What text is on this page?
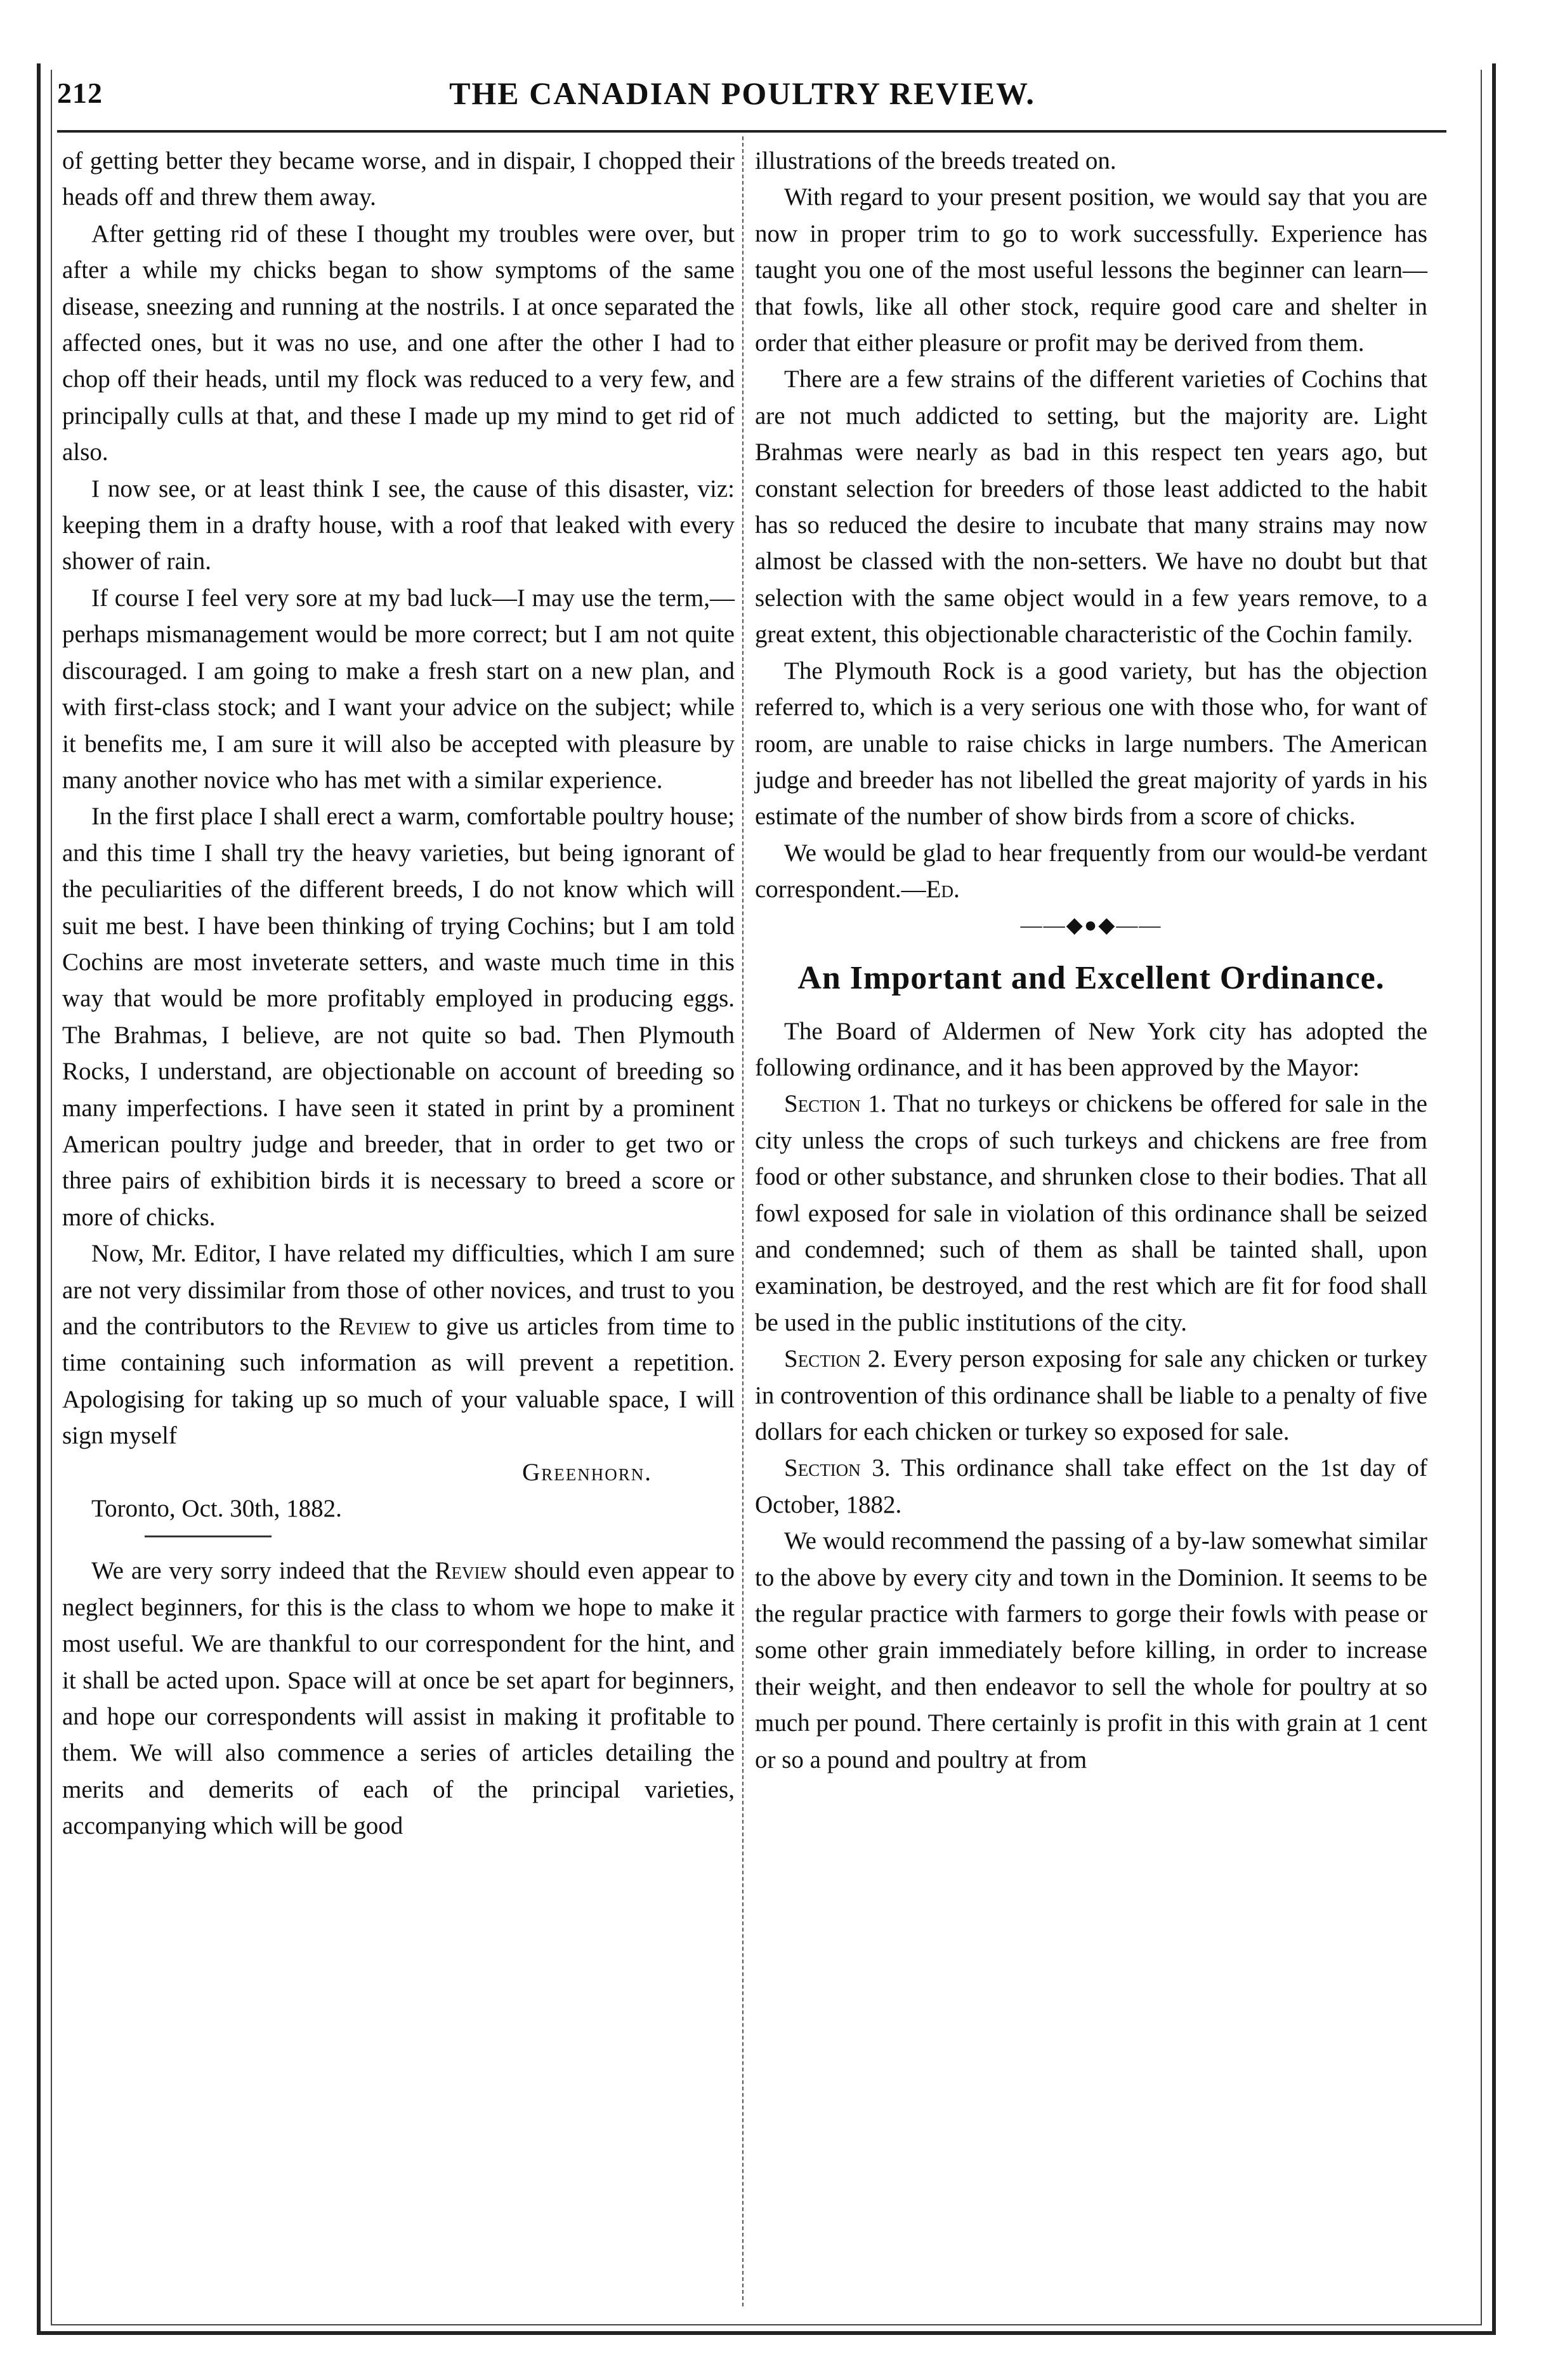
212	THE CANADIAN POULTRY REVIEW.

of getting better they became worse, and in dispair, I chopped their heads off and threw them away.

After getting rid of these I thought my troubles were over, but after a while my chicks began to show symptoms of the same disease, sneezing and running at the nostrils. I at once separated the affected ones, but it was no use, and one after the other I had to chop off their heads, until my flock was reduced to a very few, and principally culls at that, and these I made up my mind to get rid of also.

I now see, or at least think I see, the cause of this disaster, viz: keeping them in a drafty house, with a roof that leaked with every shower of rain.

If course I feel very sore at my bad luck—I may use the term,—perhaps mismanagement would be more correct; but I am not quite discouraged. I am going to make a fresh start on a new plan, and with first-class stock; and I want your advice on the subject; while it benefits me, I am sure it will also be accepted with pleasure by many another novice who has met with a similar experience.

In the first place I shall erect a warm, comfortable poultry house; and this time I shall try the heavy varieties, but being ignorant of the peculiarities of the different breeds, I do not know which will suit me best. I have been thinking of trying Cochins; but I am told Cochins are most inveterate setters, and waste much time in this way that would be more profitably employed in producing eggs. The Brahmas, I believe, are not quite so bad. Then Plymouth Rocks, I understand, are objectionable on account of breeding so many imperfections. I have seen it stated in print by a prominent American poultry judge and breeder, that in order to get two or three pairs of exhibition birds it is necessary to breed a score or more of chicks.

Now, Mr. Editor, I have related my difficulties, which I am sure are not very dissimilar from those of other novices, and trust to you and the contributors to the Review to give us articles from time to time containing such information as will prevent a repetition. Apologising for taking up so much of your valuable space, I will sign myself

Greenhorn.

Toronto, Oct. 30th, 1882.

We are very sorry indeed that the Review should even appear to neglect beginners, for this is the class to whom we hope to make it most useful. We are thankful to our correspondent for the hint, and it shall be acted upon. Space will at once be set apart for beginners, and hope our correspondents will assist in making it profitable to them. We will also commence a series of articles detailing the merits and demerits of each of the principal varieties, accompanying which will be good

illustrations of the breeds treated on.

With regard to your present position, we would say that you are now in proper trim to go to work successfully. Experience has taught you one of the most useful lessons the beginner can learn—that fowls, like all other stock, require good care and shelter in order that either pleasure or profit may be derived from them.

There are a few strains of the different varieties of Cochins that are not much addicted to setting, but the majority are. Light Brahmas were nearly as bad in this respect ten years ago, but constant selection for breeders of those least addicted to the habit has so reduced the desire to incubate that many strains may now almost be classed with the non-setters. We have no doubt but that selection with the same object would in a few years remove, to a great extent, this objectionable characteristic of the Cochin family.

The Plymouth Rock is a good variety, but has the objection referred to, which is a very serious one with those who, for want of room, are unable to raise chicks in large numbers. The American judge and breeder has not libelled the great majority of yards in his estimate of the number of show birds from a score of chicks.

We would be glad to hear frequently from our would-be verdant correspondent.—Ed.

——◆●◆——
An Important and Excellent Ordinance.

The Board of Aldermen of New York city has adopted the following ordinance, and it has been approved by the Mayor:

Section 1. That no turkeys or chickens be offered for sale in the city unless the crops of such turkeys and chickens are free from food or other substance, and shrunken close to their bodies. That all fowl exposed for sale in violation of this ordinance shall be seized and condemned; such of them as shall be tainted shall, upon examination, be destroyed, and the rest which are fit for food shall be used in the public institutions of the city.

Section 2. Every person exposing for sale any chicken or turkey in controvention of this ordinance shall be liable to a penalty of five dollars for each chicken or turkey so exposed for sale.

Section 3. This ordinance shall take effect on the 1st day of October, 1882.

We would recommend the passing of a by-law somewhat similar to the above by every city and town in the Dominion. It seems to be the regular practice with farmers to gorge their fowls with pease or some other grain immediately before killing, in order to increase their weight, and then endeavor to sell the whole for poultry at so much per pound. There certainly is profit in this with grain at 1 cent or so a pound and poultry at from
